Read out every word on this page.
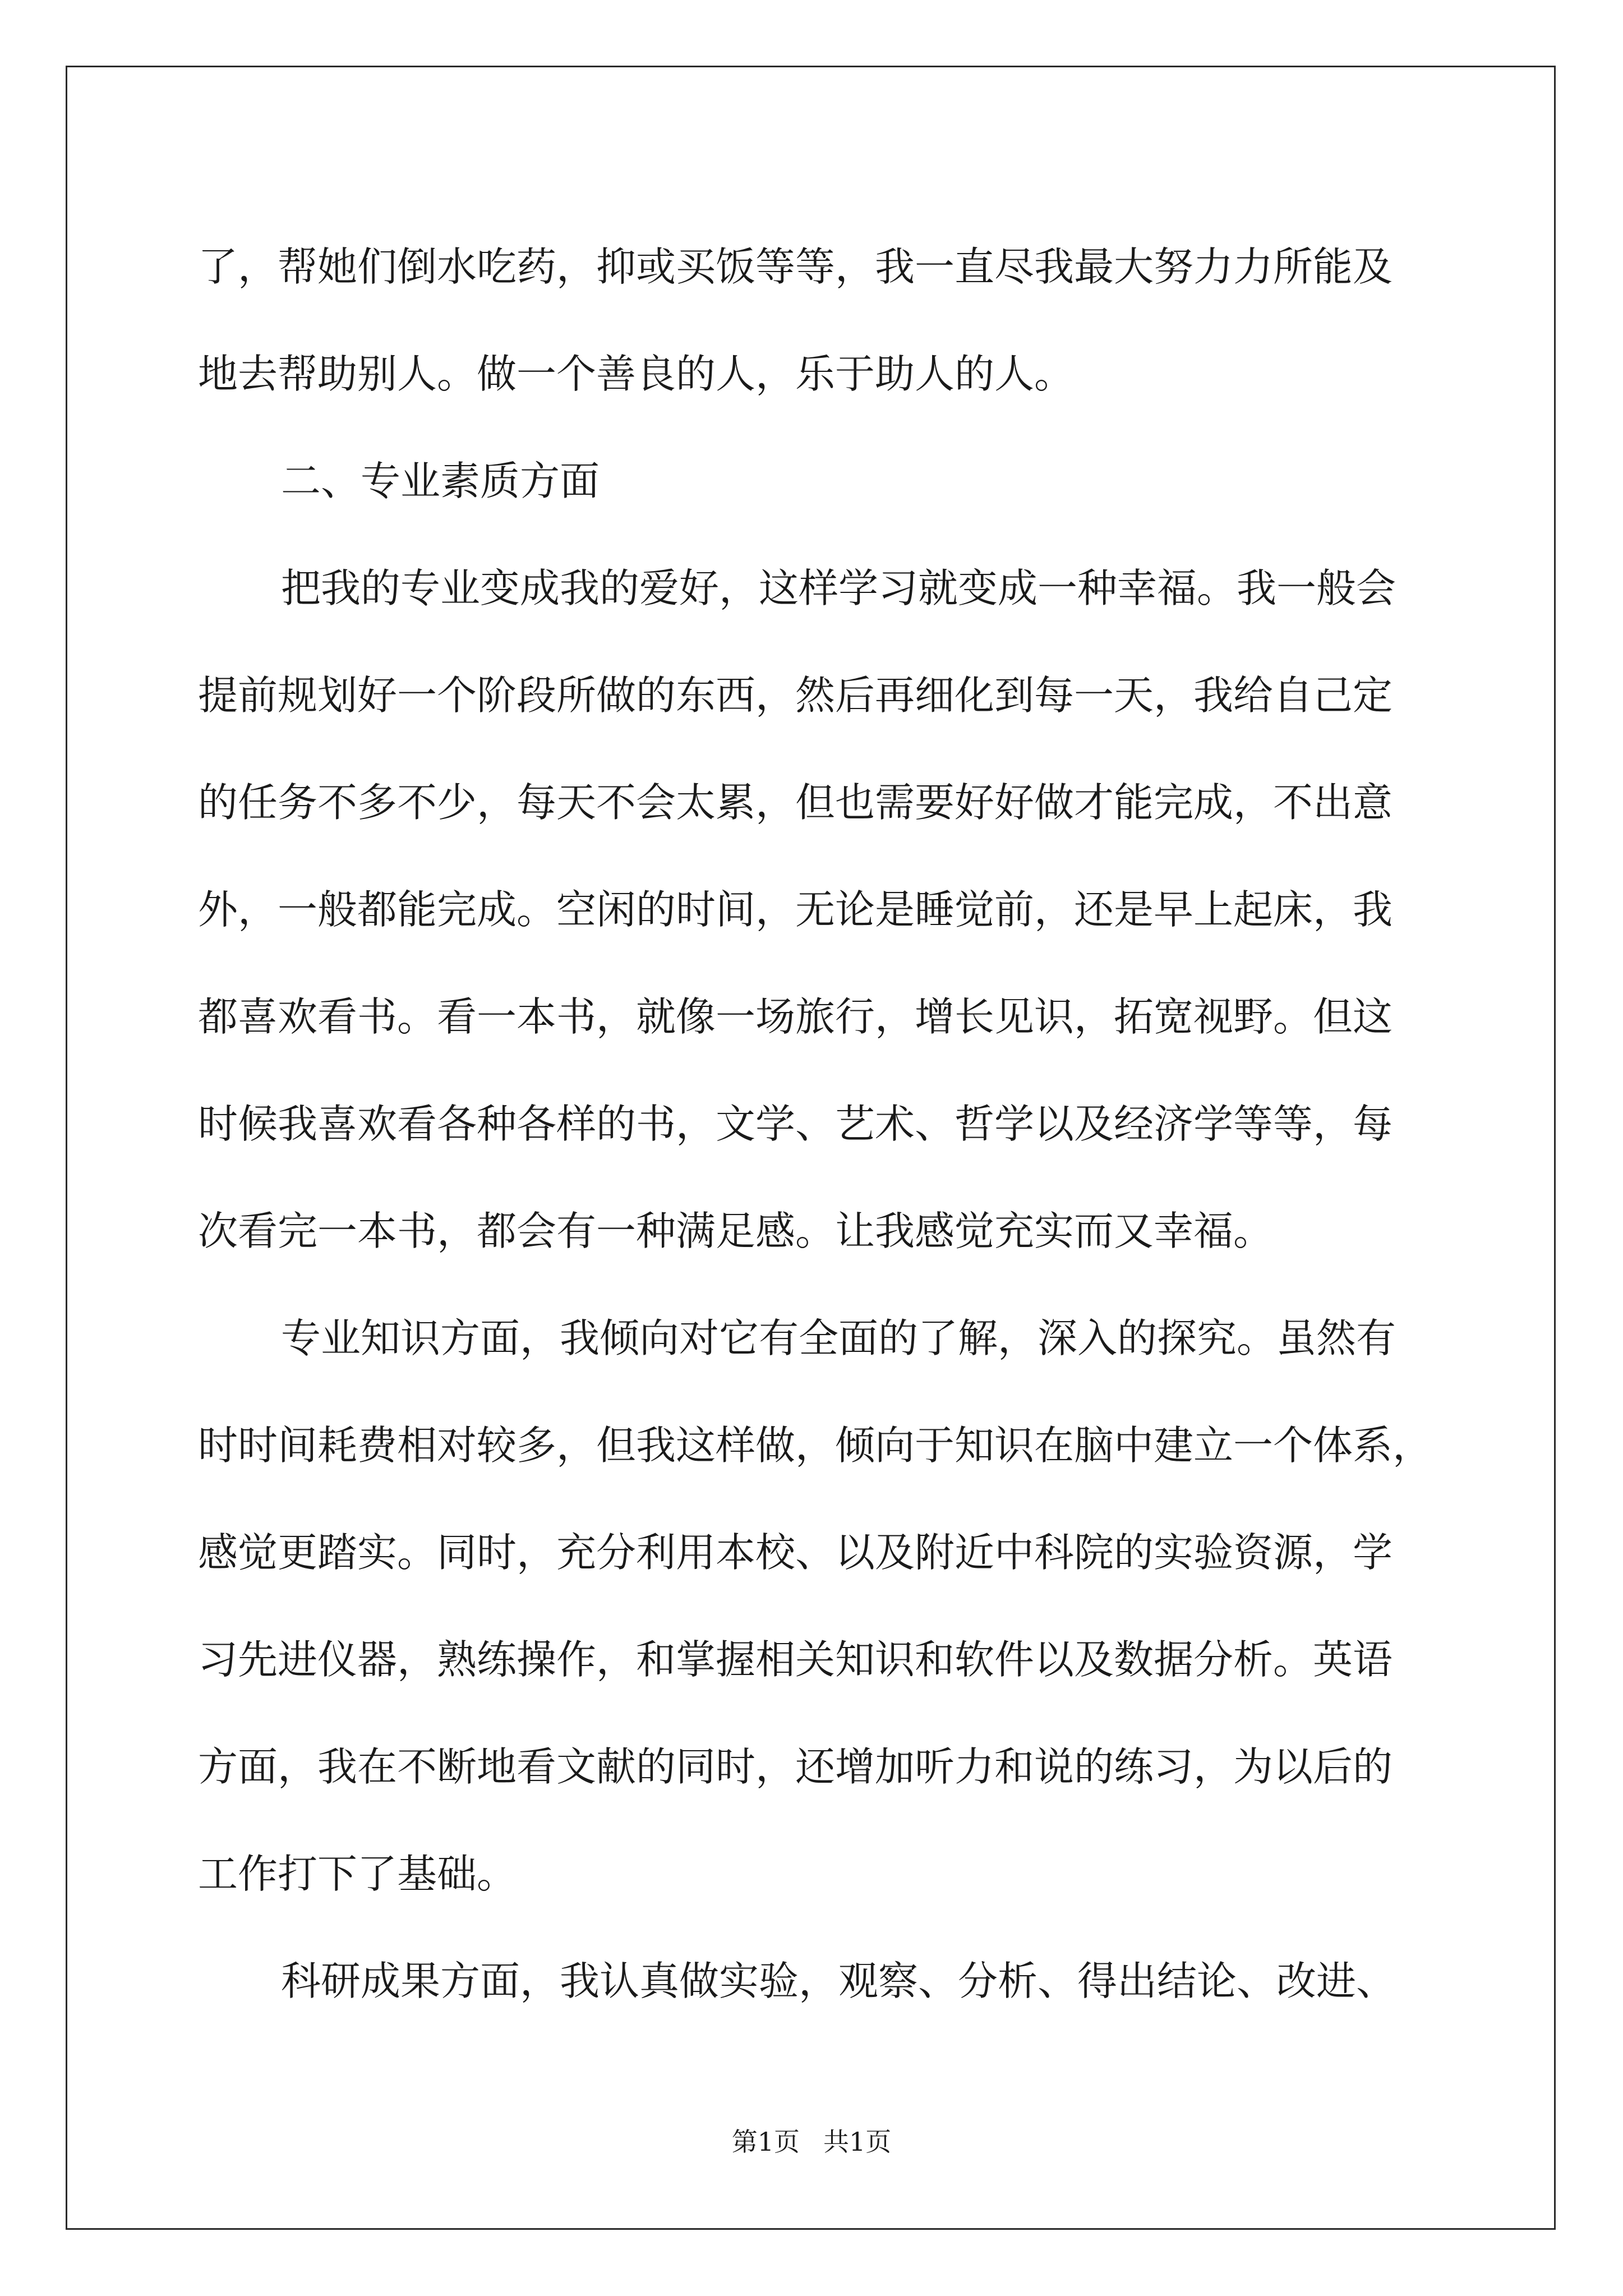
了，帮她们倒水吃药，抑或买饭等等，我一直尽我最大努力力所能及
地去帮助别人。做一个善良的人，乐于助人的人。
二、专业素质方面
把我的专业变成我的爱好，这样学习就变成一种幸福。我一般会
提前规划好一个阶段所做的东西，然后再细化到每一天，我给自己定
的任务不多不少，每天不会太累，但也需要好好做才能完成，不出意
外，一般都能完成。空闲的时间，无论是睡觉前，还是早上起床，我
都喜欢看书。看一本书，就像一场旅行，增长见识，拓宽视野。但这
时候我喜欢看各种各样的书，文学、艺术、哲学以及经济学等等，每
次看完一本书，都会有一种满足感。让我感觉充实而又幸福。
专业知识方面，我倾向对它有全面的了解，深入的探究。虽然有
时时间耗费相对较多，但我这样做，倾向于知识在脑中建立一个体系，
感觉更踏实。同时，充分利用本校、以及附近中科院的实验资源，学
习先进仪器，熟练操作，和掌握相关知识和软件以及数据分析。英语
方面，我在不断地看文献的同时，还增加听力和说的练习，为以后的
工作打下了基础。
科研成果方面，我认真做实验，观察、分析、得出结论、改进、
第1页 共1页
